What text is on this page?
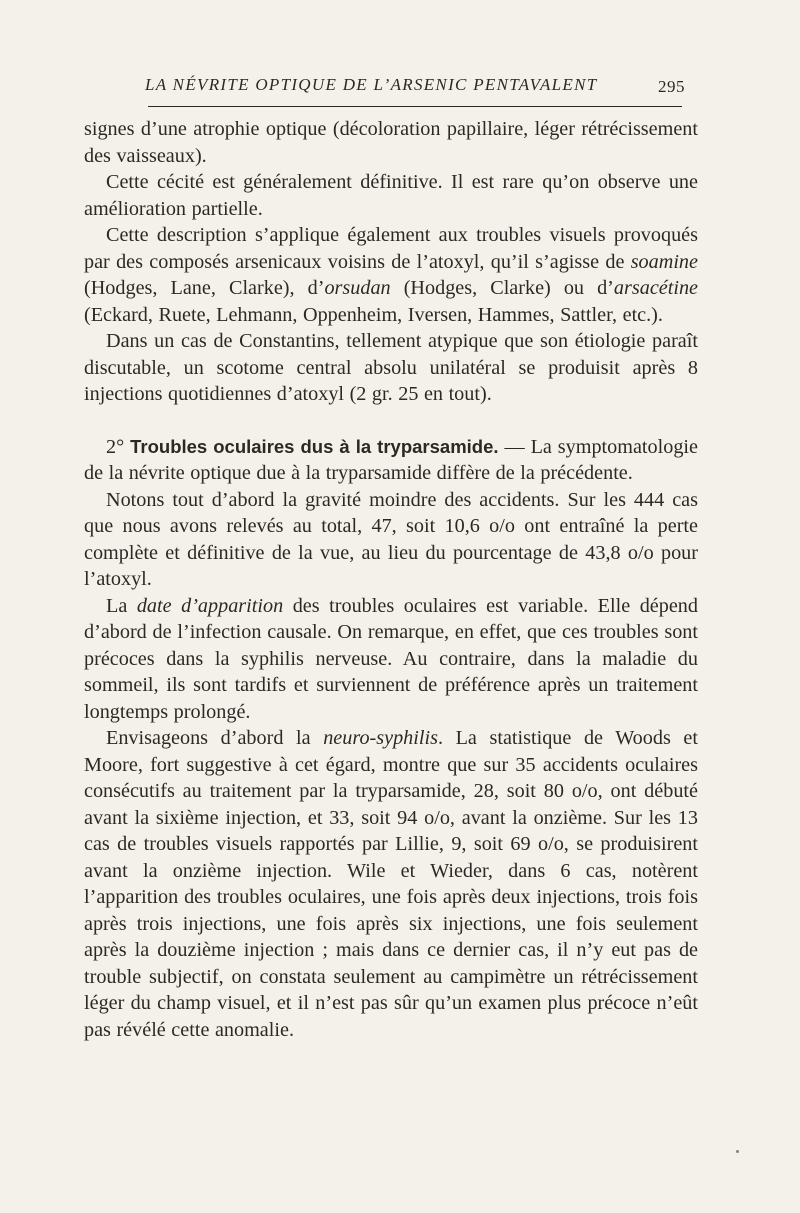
LA NÉVRITE OPTIQUE DE L’ARSENIC PENTAVALENT	295

signes d’une atrophie optique (décoloration papillaire, léger rétrécissement des vaisseaux).

Cette cécité est généralement définitive. Il est rare qu’on observe une amélioration partielle.

Cette description s’applique également aux troubles visuels provoqués par des composés arsenicaux voisins de l’atoxyl, qu’il s’agisse de soamine (Hodges, Lane, Clarke), d’orsudan (Hodges, Clarke) ou d’arsacétine (Eckard, Ruete, Lehmann, Oppenheim, Iversen, Hammes, Sattler, etc.).

Dans un cas de Constantins, tellement atypique que son étiologie paraît discutable, un scotome central absolu unilatéral se produisit après 8 injections quotidiennes d’atoxyl (2 gr. 25 en tout).

2° Troubles oculaires dus à la tryparsamide. — La symptomatologie de la névrite optique due à la tryparsamide diffère de la précédente.

Notons tout d’abord la gravité moindre des accidents. Sur les 444 cas que nous avons relevés au total, 47, soit 10,6 o/o ont entraîné la perte complète et définitive de la vue, au lieu du pourcentage de 43,8 o/o pour l’atoxyl.

La date d’apparition des troubles oculaires est variable. Elle dépend d’abord de l’infection causale. On remarque, en effet, que ces troubles sont précoces dans la syphilis nerveuse. Au contraire, dans la maladie du sommeil, ils sont tardifs et surviennent de préférence après un traitement longtemps prolongé.

Envisageons d’abord la neuro-syphilis. La statistique de Woods et Moore, fort suggestive à cet égard, montre que sur 35 accidents oculaires consécutifs au traitement par la tryparsamide, 28, soit 80 o/o, ont débuté avant la sixième injection, et 33, soit 94 o/o, avant la onzième. Sur les 13 cas de troubles visuels rapportés par Lillie, 9, soit 69 o/o, se produisirent avant la onzième injection. Wile et Wieder, dans 6 cas, notèrent l’apparition des troubles oculaires, une fois après deux injections, trois fois après trois injections, une fois après six injections, une fois seulement après la douzième injection ; mais dans ce dernier cas, il n’y eut pas de trouble subjectif, on constata seulement au campimètre un rétrécissement léger du champ visuel, et il n’est pas sûr qu’un examen plus précoce n’eût pas révélé cette anomalie.
